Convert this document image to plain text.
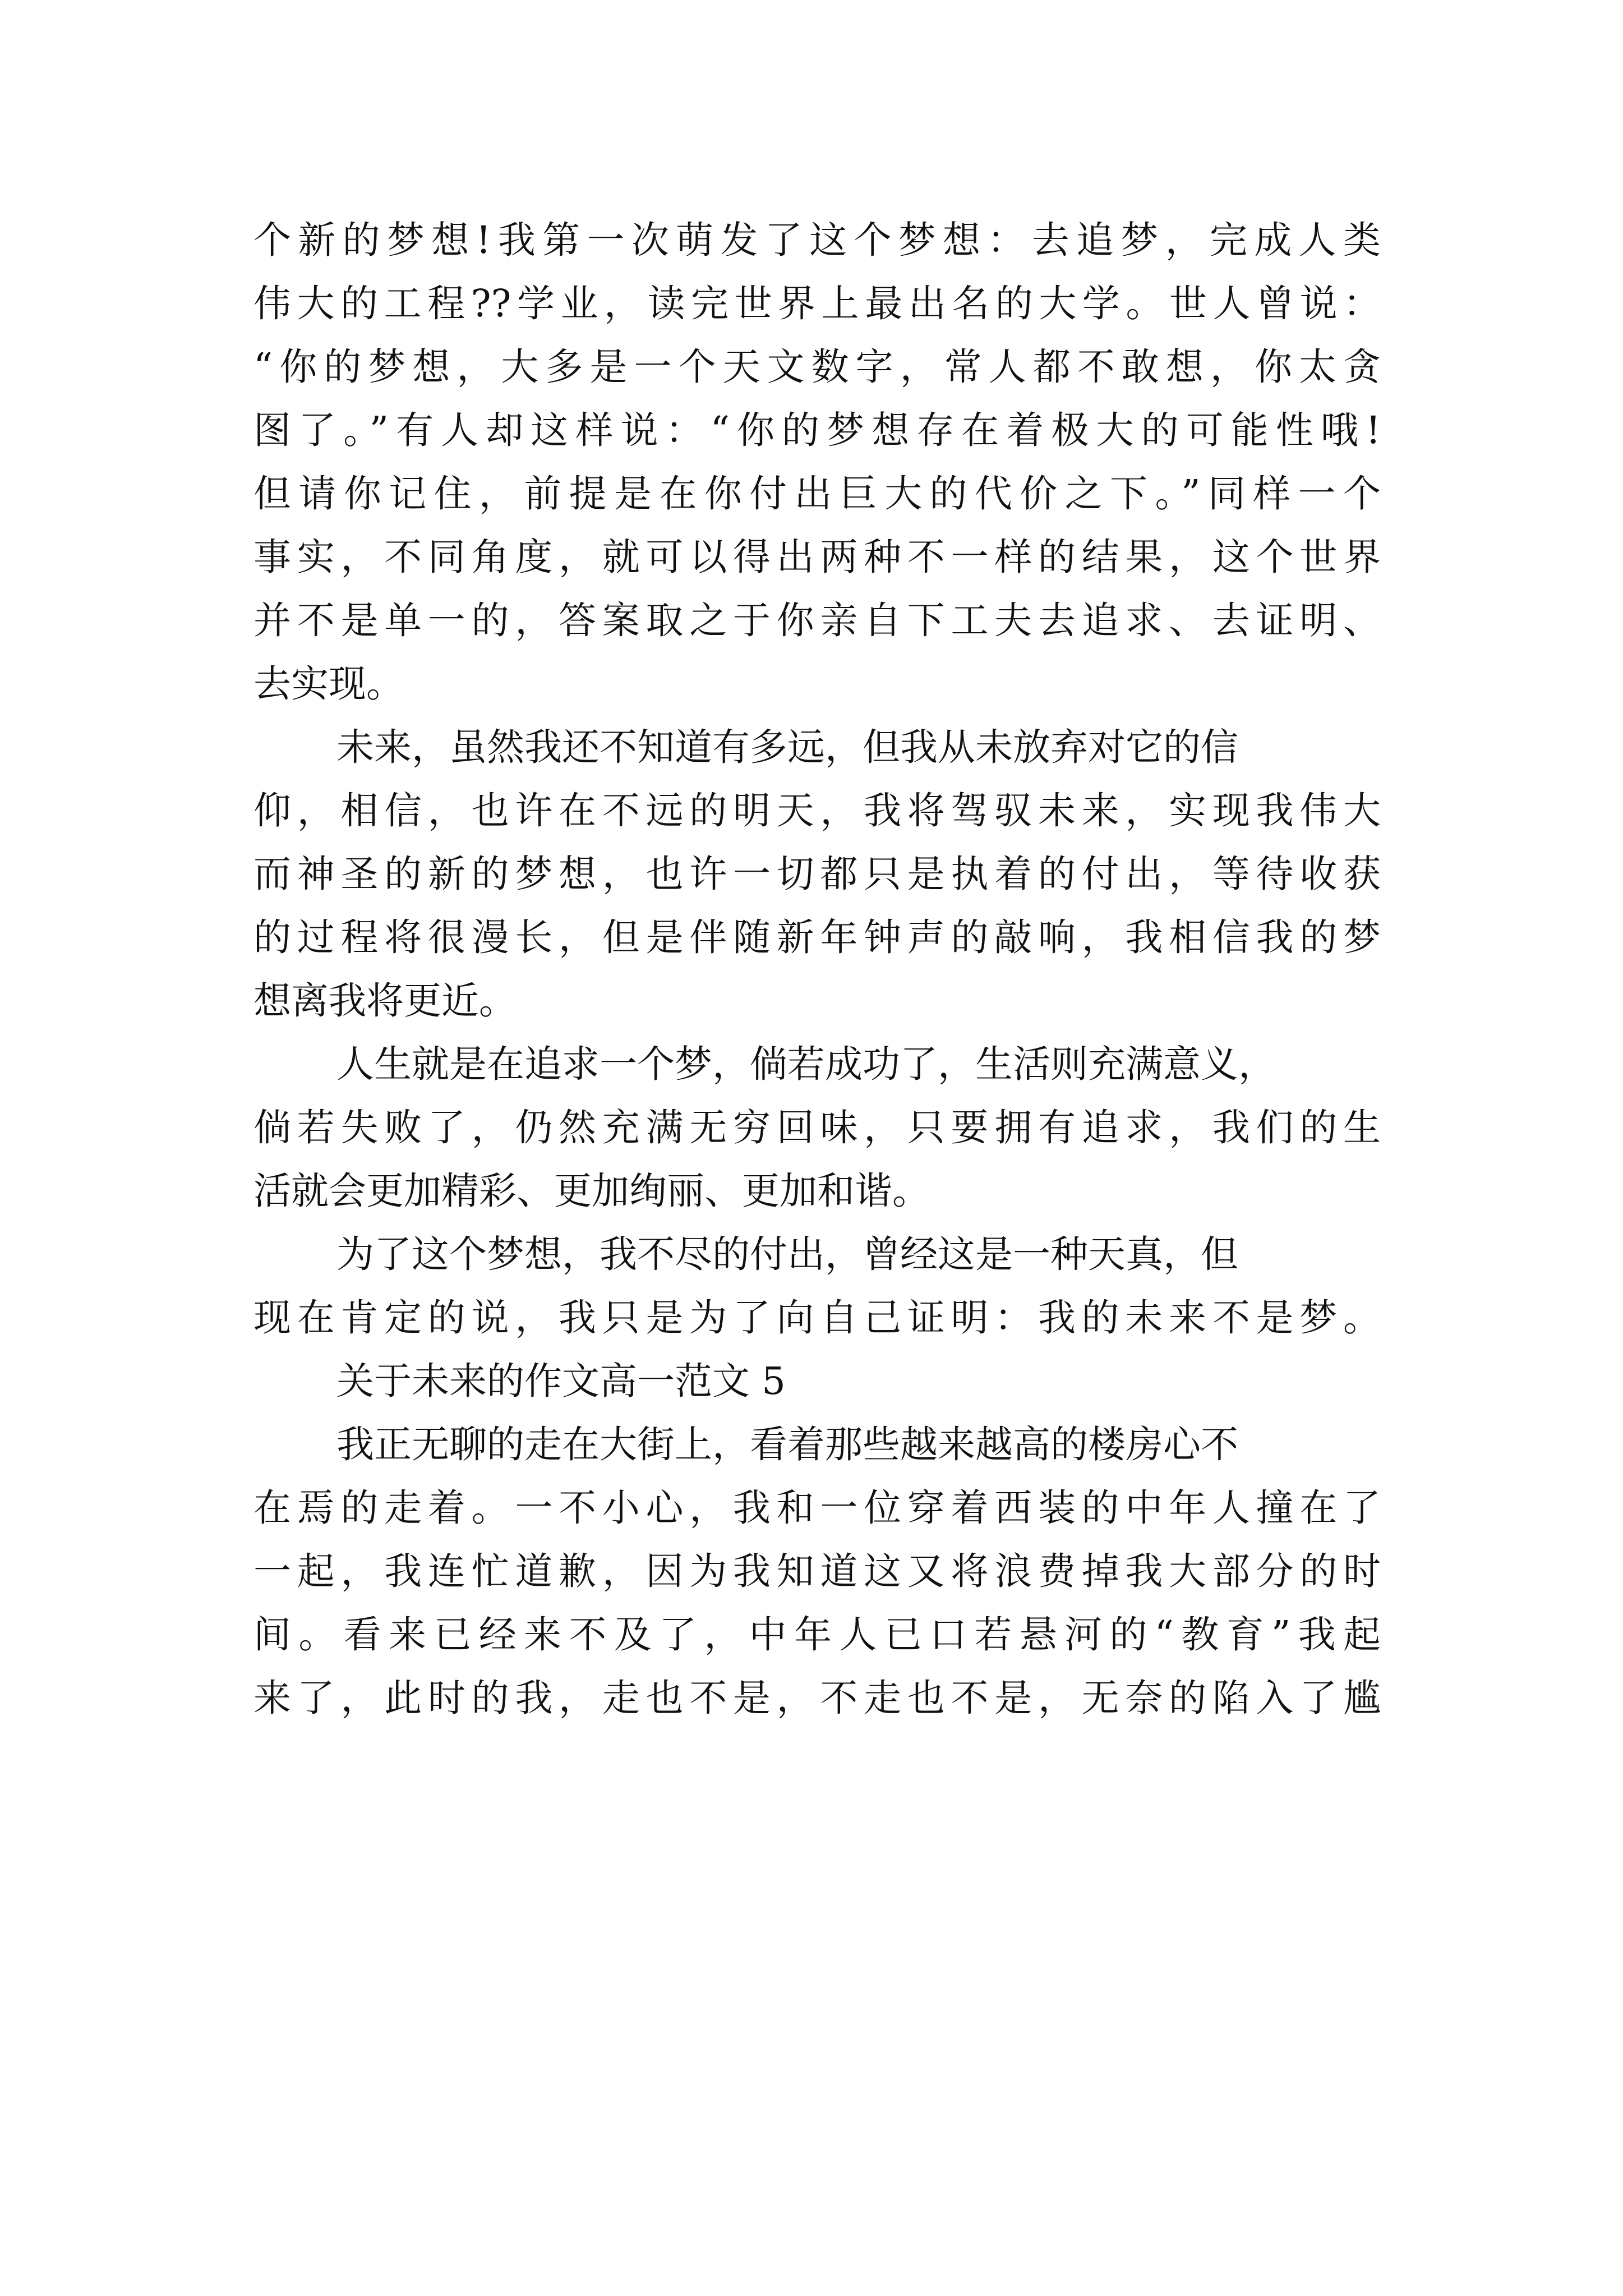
个新的梦想!我第一次萌发了这个梦想：去追梦，完成人类
伟大的工程??学业，读完世界上最出名的大学。世人曾说：
“你的梦想，大多是一个天文数字，常人都不敢想，你太贪
图了。”有人却这样说：“你的梦想存在着极大的可能性哦!
但请你记住，前提是在你付出巨大的代价之下。”同样一个
事实，不同角度，就可以得出两种不一样的结果，这个世界
并不是单一的，答案取之于你亲自下工夫去追求、去证明、
去实现。
未来，虽然我还不知道有多远，但我从未放弃对它的信
仰，相信，也许在不远的明天，我将驾驭未来，实现我伟大
而神圣的新的梦想，也许一切都只是执着的付出，等待收获
的过程将很漫长，但是伴随新年钟声的敲响，我相信我的梦
想离我将更近。
人生就是在追求一个梦，倘若成功了，生活则充满意义，
倘若失败了，仍然充满无穷回味，只要拥有追求，我们的生
活就会更加精彩、更加绚丽、更加和谐。
为了这个梦想，我不尽的付出，曾经这是一种天真，但
现在肯定的说，我只是为了向自己证明：我的未来不是梦。
关于未来的作文高一范文 5
我正无聊的走在大街上，看着那些越来越高的楼房心不
在焉的走着。一不小心，我和一位穿着西装的中年人撞在了
一起，我连忙道歉，因为我知道这又将浪费掉我大部分的时
间。看来已经来不及了，中年人已口若悬河的“教育”我起
来了，此时的我，走也不是，不走也不是，无奈的陷入了尴
